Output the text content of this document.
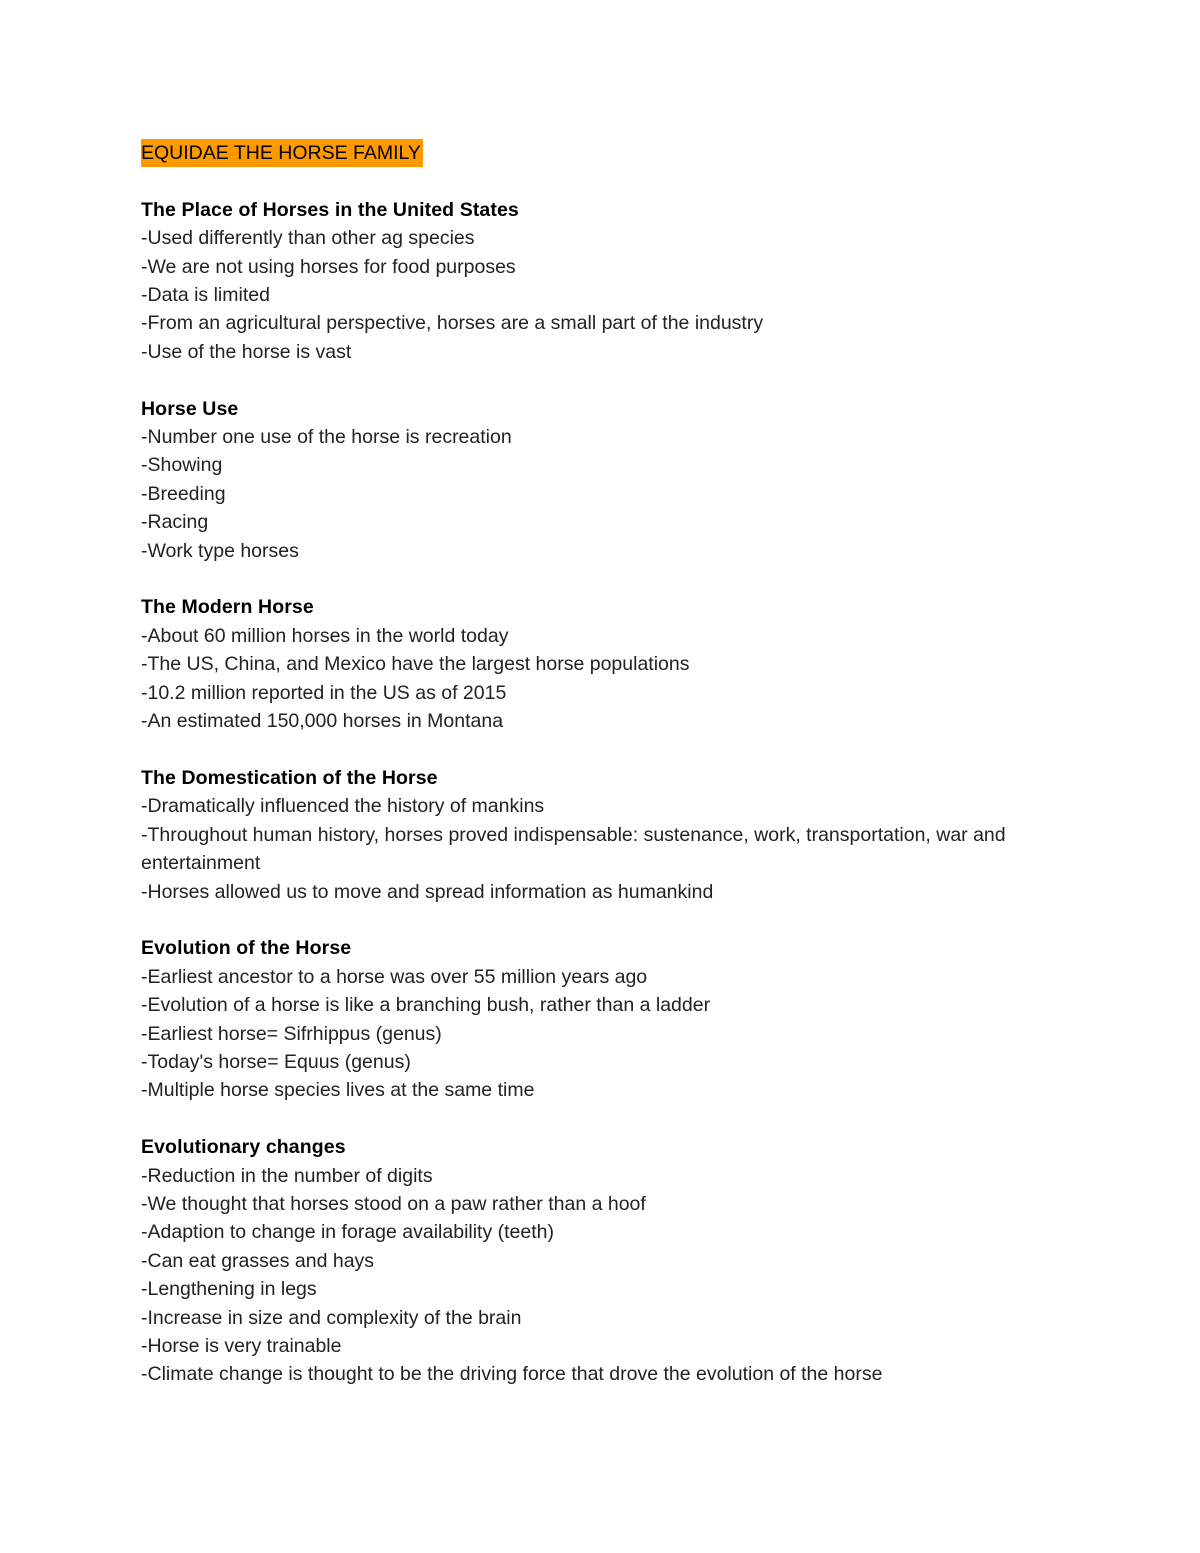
EQUIDAE THE HORSE FAMILY
The Place of Horses in the United States
-Used differently than other ag species
-We are not using horses for food purposes
-Data is limited
-From an agricultural perspective, horses are a small part of the industry
-Use of the horse is vast
Horse Use
-Number one use of the horse is recreation
-Showing
-Breeding
-Racing
-Work type horses
The Modern Horse
-About 60 million horses in the world today
-The US, China, and Mexico have the largest horse populations
-10.2 million reported in the US as of 2015
-An estimated 150,000 horses in Montana
The Domestication of the Horse
-Dramatically influenced the history of mankins
-Throughout human history, horses proved indispensable: sustenance, work, transportation, war and entertainment
-Horses allowed us to move and spread information as humankind
Evolution of the Horse
-Earliest ancestor to a horse was over 55 million years ago
-Evolution of a horse is like a branching bush, rather than a ladder
-Earliest horse= Sifrhippus (genus)
-Today's horse= Equus (genus)
-Multiple horse species lives at the same time
Evolutionary changes
-Reduction in the number of digits
-We thought that horses stood on a paw rather than a hoof
-Adaption to change in forage availability (teeth)
-Can eat grasses and hays
-Lengthening in legs
-Increase in size and complexity of the brain
-Horse is very trainable
-Climate change is thought to be the driving force that drove the evolution of the horse
